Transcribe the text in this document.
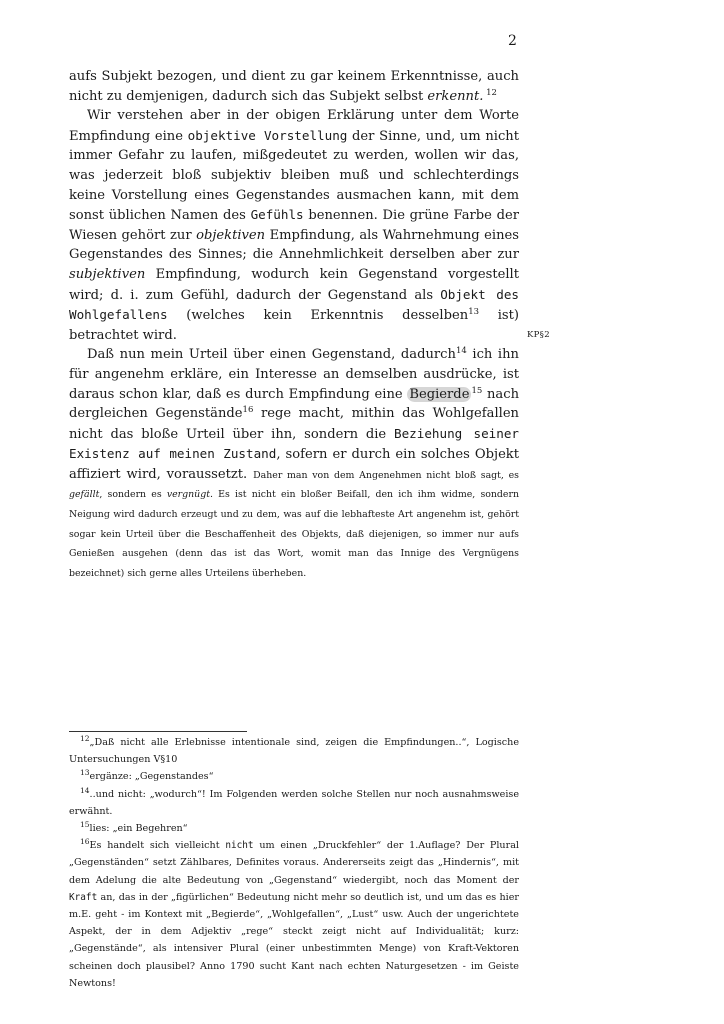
2

aufs Subjekt bezogen, und dient zu gar keinem Erkenntnisse, auch nicht zu demjenigen, dadurch sich das Subjekt selbst erkennt. $^{12}$

Wir verstehen aber in der obigen Erklärung unter dem Worte Empfindung eine objektive Vorstellung der Sinne, und, um nicht immer Gefahr zu laufen, mißgedeutet zu werden, wollen wir das, was jederzeit bloß subjektiv bleiben muß und schlechterdings keine Vorstellung eines Gegenstandes ausmachen kann, mit dem sonst üblichen Namen des Gefühls benennen. Die grüne Farbe der Wiesen gehört zur objektiven Empfindung, als Wahrnehmung eines Gegenstandes des Sinnes; die Annehmlichkeit derselben aber zur subjektiven Empfindung, wodurch kein Gegenstand vorgestellt wird; d. i. zum Gefühl, dadurch der Gegenstand als Objekt des Wohlgefallens (welches kein Erkenntnis desselben$^{13}$ ist) betrachtet wird.

Daß nun mein Urteil über einen Gegenstand, dadurch$^{14}$ ich ihn für angenehm erkläre, ein Interesse an demselben ausdrücke, ist daraus schon klar, daß es durch Empfindung eine Begierde $^{15}$ nach dergleichen Gegenstände$^{16}$ rege macht, mithin das Wohlgefallen nicht das bloße Urteil über ihn, sondern die Beziehung seiner Existenz auf meinen Zustand, sofern er durch ein solches Objekt affiziert wird, voraussetzt. Daher man von dem Angenehmen nicht bloß sagt, es gefällt, sondern es vergnügt. Es ist nicht ein bloßer Beifall, den ich ihm widme, sondern Neigung wird dadurch erzeugt und zu dem, was auf die lebhafteste Art angenehm ist, gehört sogar kein Urteil über die Beschaffenheit des Objekts, daß diejenigen, so immer nur aufs Genießen ausgehen (denn das ist das Wort, womit man das Innige des Vergnügens bezeichnet) sich gerne alles Urteilens überheben.

KP§2

$^{12}$„Daß nicht alle Erlebnisse intentionale sind, zeigen die Empfindungen..“, Logische Untersuchungen V§10

$^{13}$ergänze: „Gegenstandes“

$^{14}$..und nicht: „wodurch“! Im Folgenden werden solche Stellen nur noch ausnahmsweise erwähnt.

$^{15}$lies: „ein Begehren“

$^{16}$Es handelt sich vielleicht nicht um einen „Druckfehler“ der 1.Auflage? Der Plural „Gegenständen“ setzt Zählbares, Definites voraus. Andererseits zeigt das „Hindernis“, mit dem Adelung die alte Bedeutung von „Gegenstand“ wiedergibt, noch das Moment der Kraft an, das in der „figürlichen“ Bedeutung nicht mehr so deutlich ist, und um das es hier m.E. geht - im Kontext mit „Begierde“, „Wohlgefallen“, „Lust“ usw. Auch der ungerichtete Aspekt, der in dem Adjektiv „rege“ steckt zeigt nicht auf Individualität; kurz: „Gegenstände“, als intensiver Plural (einer unbestimmten Menge) von Kraft-Vektoren scheinen doch plausibel? Anno 1790 sucht Kant nach echten Naturgesetzen - im Geiste Newtons!
